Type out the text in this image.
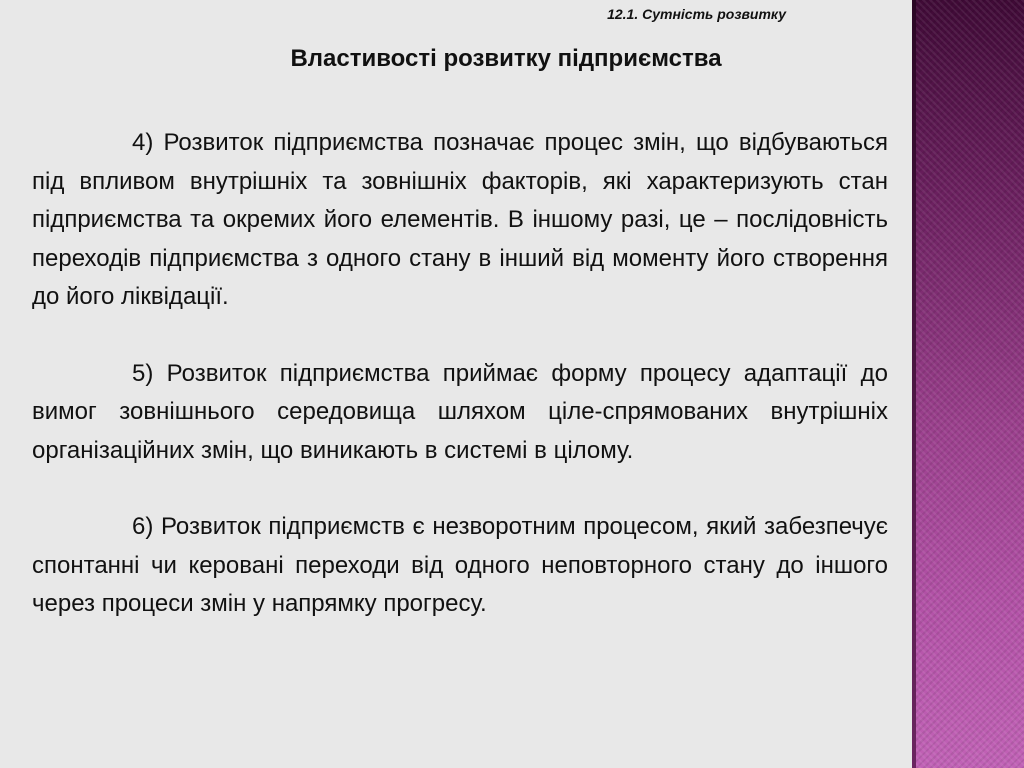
12.1. Сутність розвитку
Властивості розвитку підприємства

4) Розвиток підприємства позначає процес змін, що відбуваються під впливом внутрішніх та зовнішніх факторів, які характеризують стан підприємства та окремих його елементів. В іншому разі, це – послідовність переходів підприємства з одного стану в інший від моменту його створення до його ліквідації.

5) Розвиток підприємства приймає форму процесу адаптації до вимог зовнішнього середовища шляхом ціле-спрямованих внутрішніх організаційних змін, що виникають в системі в цілому.

6) Розвиток підприємств є незворотним процесом, який забезпечує спонтанні чи керовані переходи від одного неповторного стану до іншого через процеси змін у напрямку прогресу.
